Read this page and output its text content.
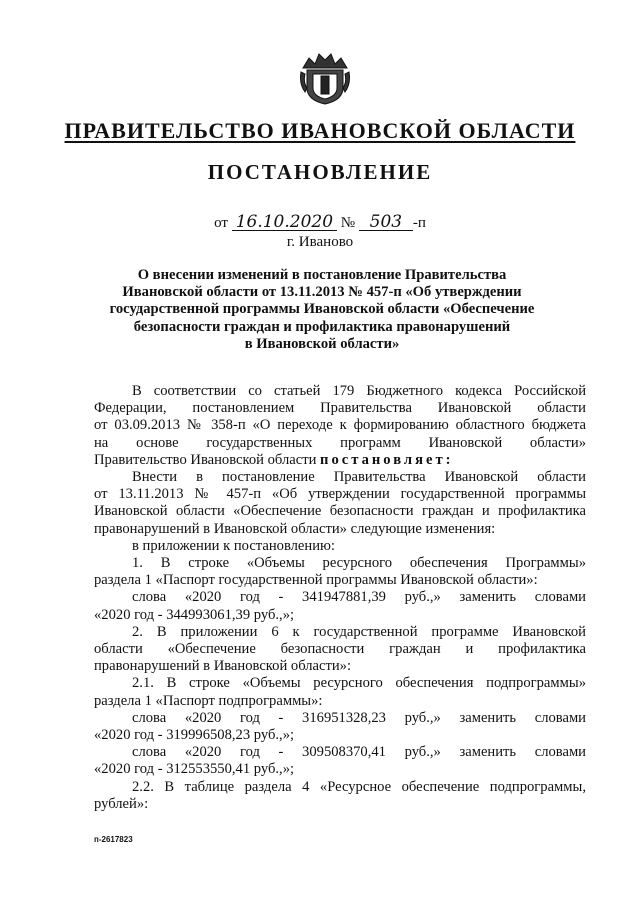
ПРАВИТЕЛЬСТВО ИВАНОВСКОЙ ОБЛАСТИ
ПОСТАНОВЛЕНИЕ
от 16.10.2020 № 503 -п
г. Иваново
О внесении изменений в постановление Правительства
Ивановской области от 13.11.2013 № 457-п «Об утверждении
государственной программы Ивановской области «Обеспечение
безопасности граждан и профилактика правонарушений
в Ивановской области»

В соответствии со статьей 179 Бюджетного кодекса Российской

Федерации, постановлением Правительства Ивановской области

от 03.09.2013 № 358-п «О переходе к формированию областного бюджета

на основе государственных программ Ивановской области»

Правительство Ивановской области постановляет:

Внести в постановление Правительства Ивановской области

от 13.11.2013 № 457-п «Об утверждении государственной программы

Ивановской области «Обеспечение безопасности граждан и профилактика

правонарушений в Ивановской области» следующие изменения:

в приложении к постановлению:

1. В строке «Объемы ресурсного обеспечения Программы»

раздела 1 «Паспорт государственной программы Ивановской области»:

слова «2020 год - 341947881,39 руб.,» заменить словами

«2020 год - 344993061,39 руб.,»;

2. В приложении 6 к государственной программе Ивановской

области «Обеспечение безопасности граждан и профилактика

правонарушений в Ивановской области»:

2.1. В строке «Объемы ресурсного обеспечения подпрограммы»

раздела 1 «Паспорт подпрограммы»:

слова «2020 год - 316951328,23 руб.,» заменить словами

«2020 год - 319996508,23 руб.,»;

слова «2020 год - 309508370,41 руб.,» заменить словами

«2020 год - 312553550,41 руб.,»;

2.2. В таблице раздела 4 «Ресурсное обеспечение подпрограммы,

рублей»:

п-2617823
